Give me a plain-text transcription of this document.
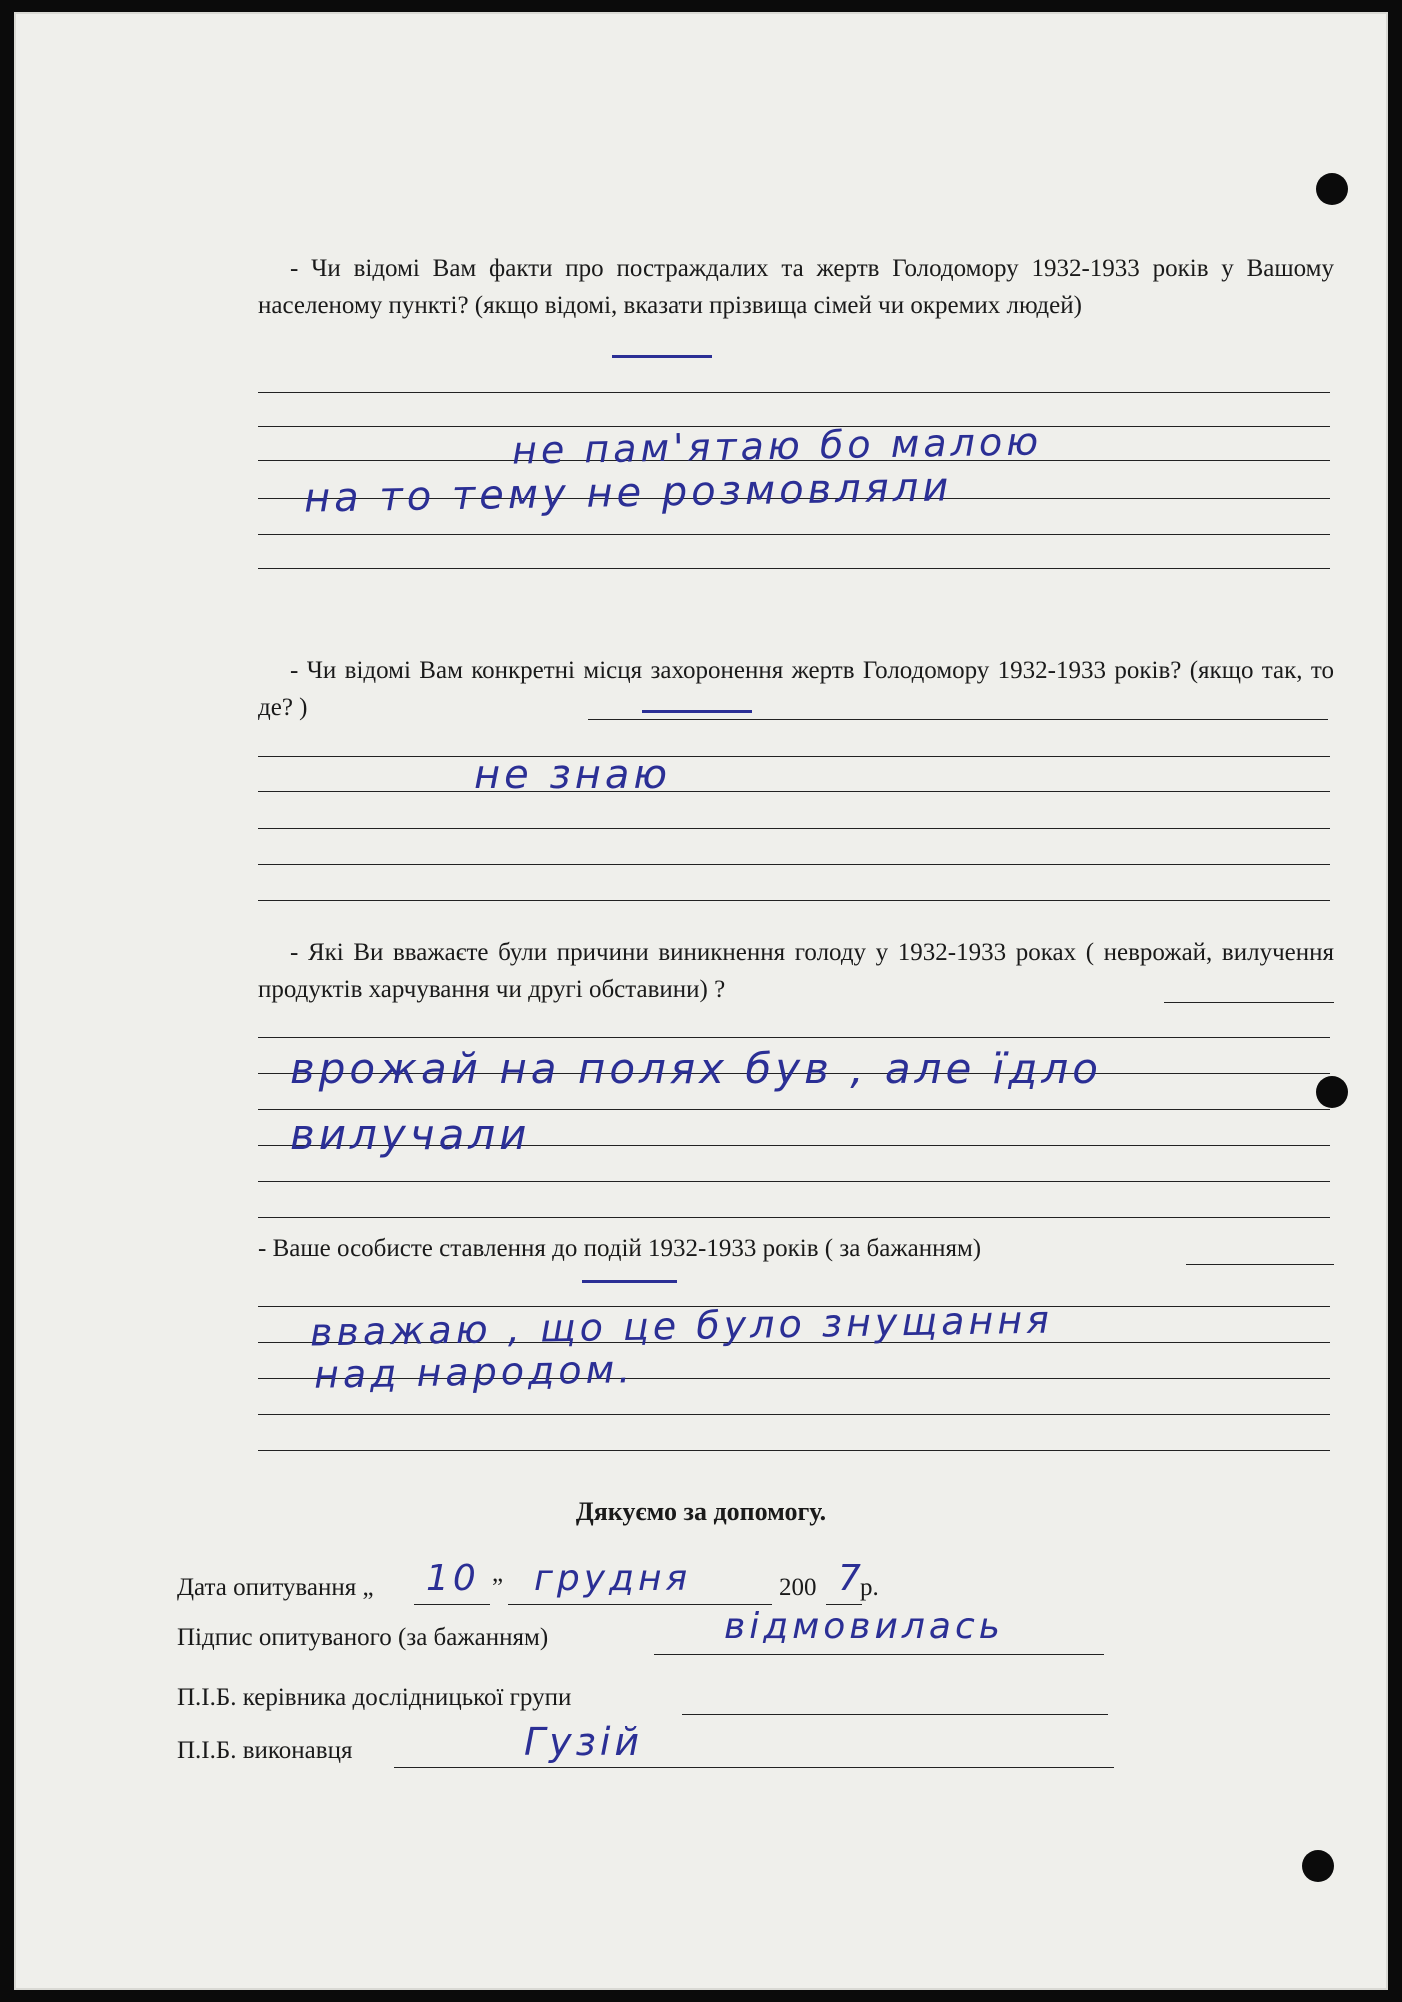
- Чи відомі Вам факти про постраждалих та жертв Голодомору 1932-1933 років у Вашому населеному пункті? (якщо відомі, вказати прізвища сімей чи окремих людей)
не пам'ятаю бо малою
на то тему не розмовляли
- Чи відомі Вам конкретні місця захоронення жертв Голодомору 1932-1933 років? (якщо так, то де? )
не знаю
- Які Ви вважаєте були причини виникнення голоду у 1932-1933 роках ( неврожай, вилучення продуктів харчування чи другі обставини) ?
врожай на полях був , але їдло
вилучали
- Ваше особисте ставлення до подій 1932-1933 років ( за бажанням)
вважаю , що це було знущання
над народом.
Дякуємо за допомогу.
Дата опитування „ 10 ” грудня	200 7
р.
Підпис опитуваного (за бажанням)	відмовилась
П.І.Б. керівника дослідницької групи
П.І.Б. виконавця	Гузій
